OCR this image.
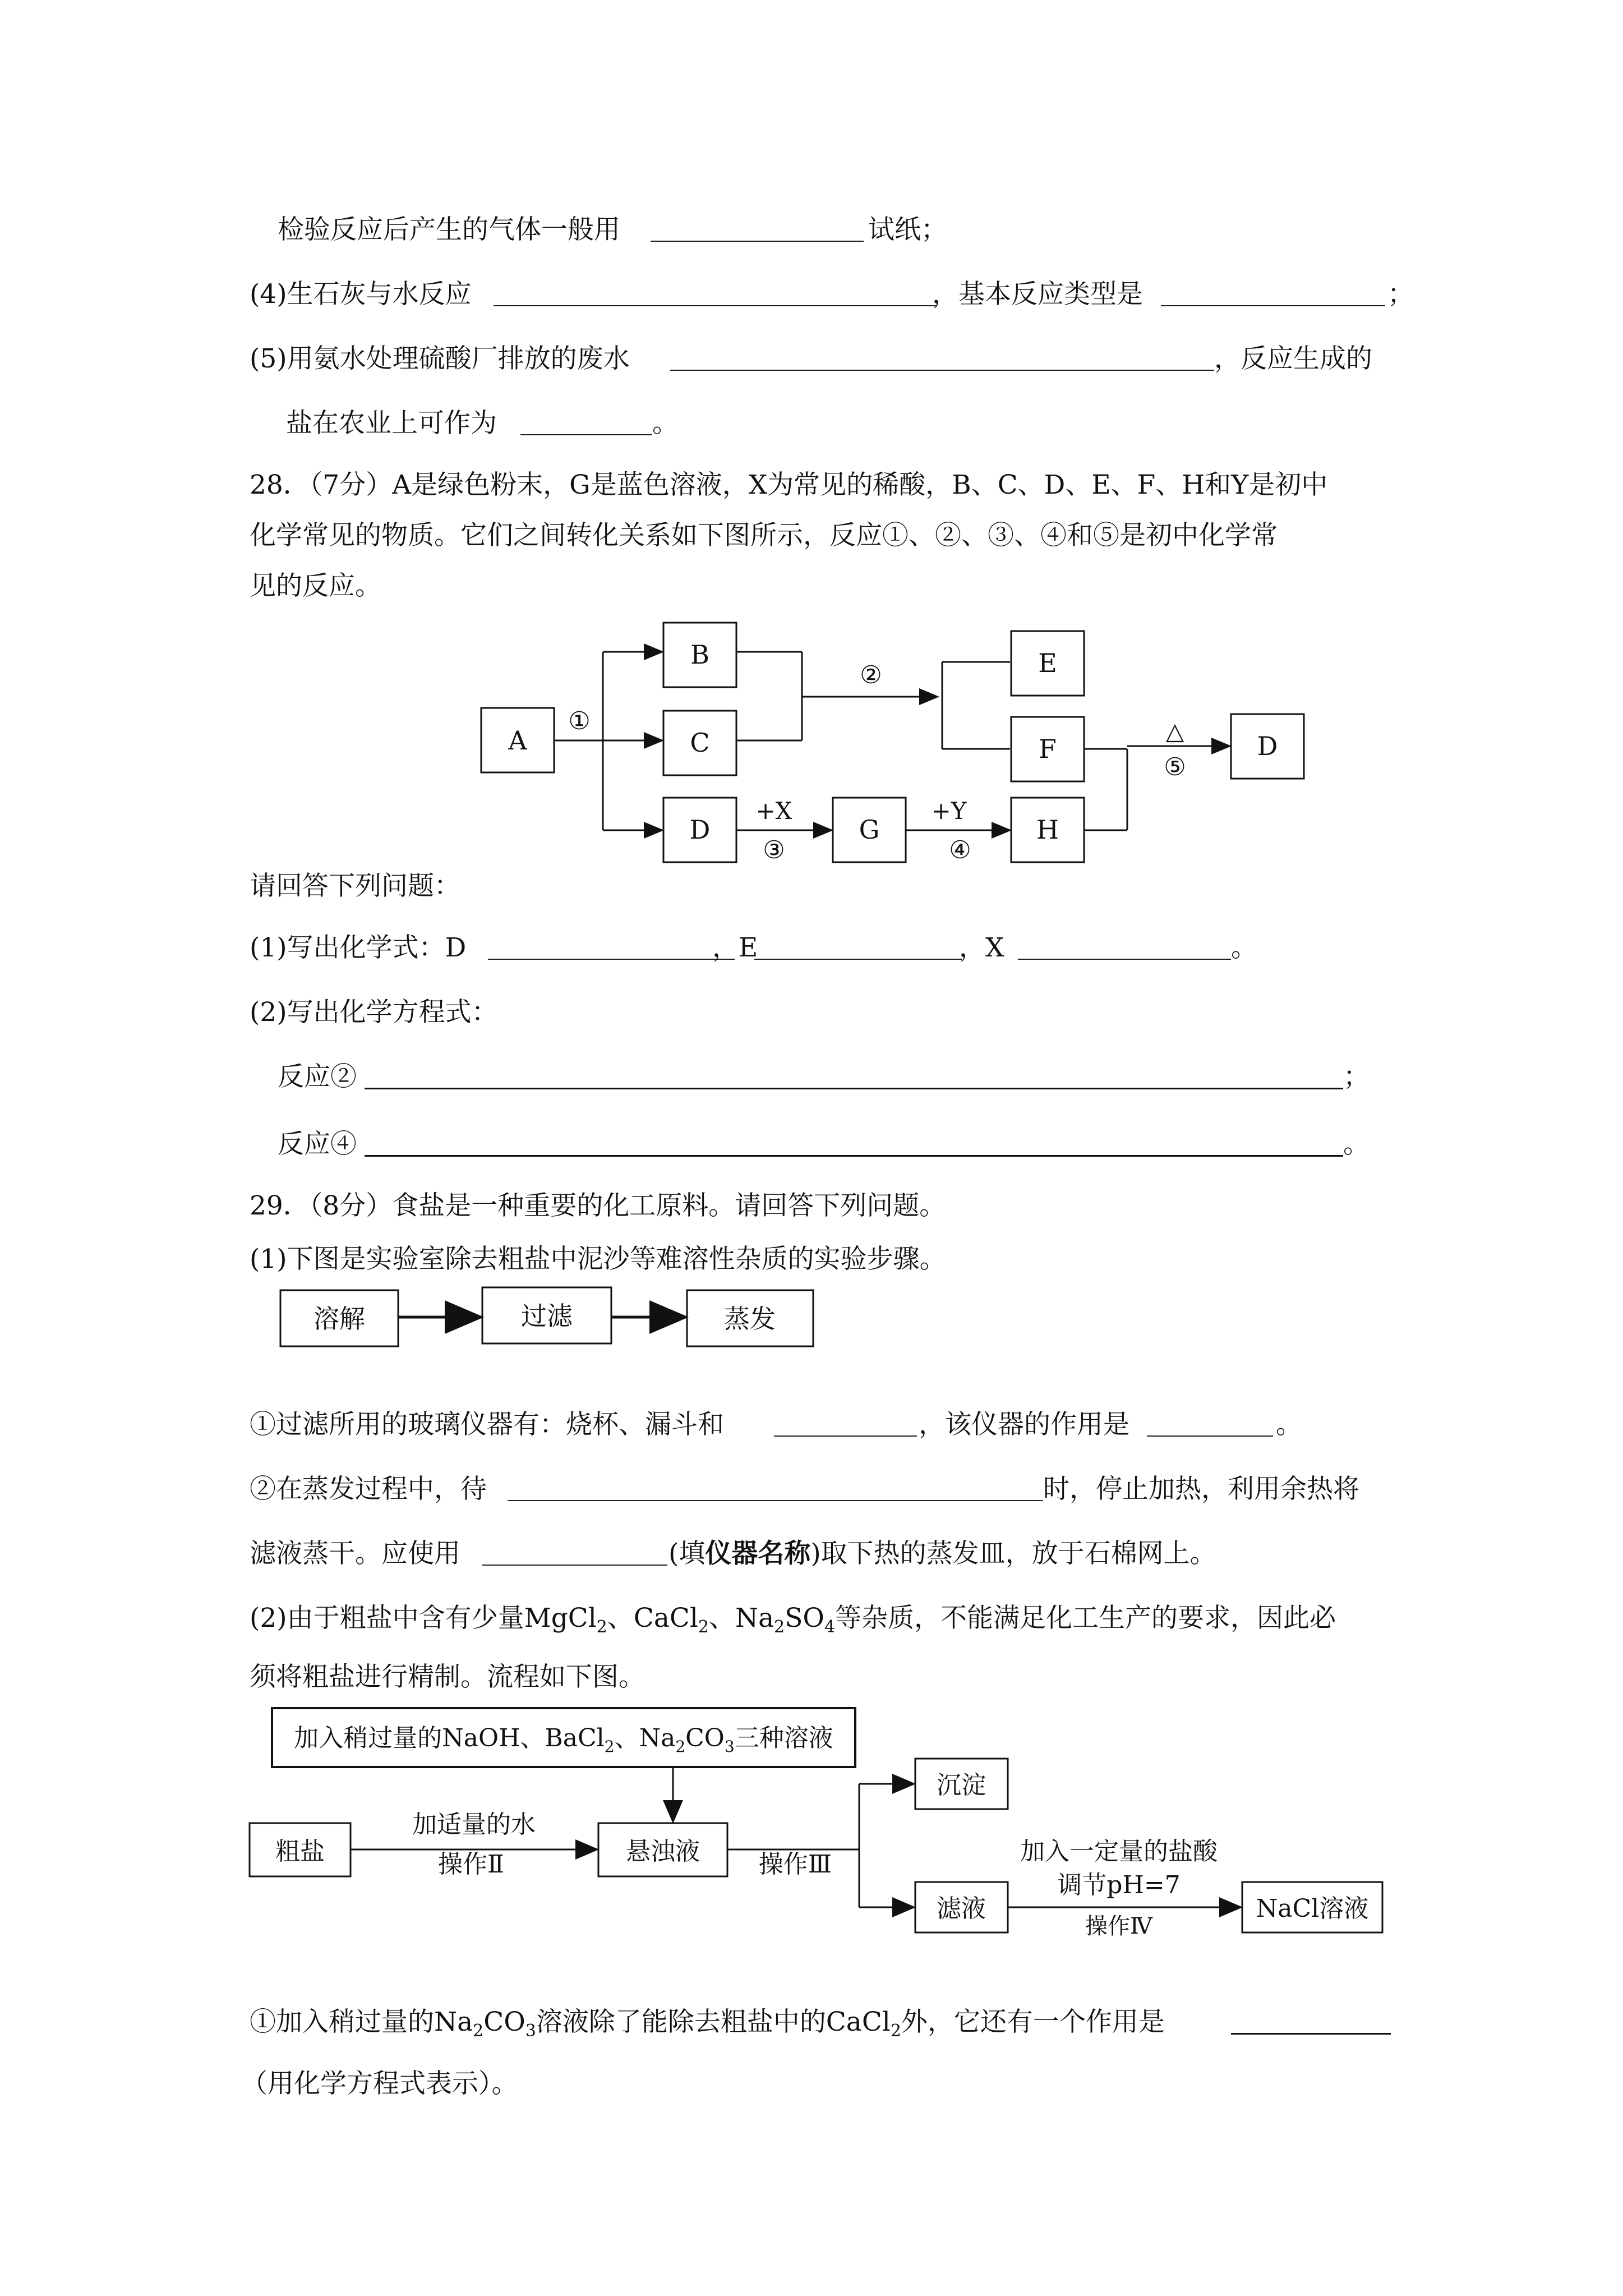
检验反应后产生的气体一般用	试纸；
(4)生石灰与水反应	，基本反应类型是	；
(5)用氨水处理硫酸厂排放的废水	，反应生成的
盐在农业上可作为	。
28．（7分）A是绿色粉末，G是蓝色溶液，X为常见的稀酸，B、C、D、E、F、H和Y是初中
化学常见的物质。它们之间转化关系如下图所示，反应①、②、③、④和⑤是初中化学常
见的反应。
A
B
C
D	G	H
E
F	D
①
②
+X
③
+Y
④
△
⑤
请回答下列问题：
(1)写出化学式：D	，E	，X	。
(2)写出化学方程式：
反应②	；
反应④	。
29．（8分）食盐是一种重要的化工原料。请回答下列问题。
(1)下图是实验室除去粗盐中泥沙等难溶性杂质的实验步骤。
溶解	过滤	蒸发
①过滤所用的玻璃仪器有：烧杯、漏斗和	，该仪器的作用是	。
②在蒸发过程中，待	时，停止加热，利用余热将
滤液蒸干。应使用	(填仪器名称)取下热的蒸发皿，放于石棉网上。
(2)由于粗盐中含有少量MgCl$_2$、CaCl$_2$、$Na_2SO_4$等杂质，不能满足化工生产的要求，因此必
须将粗盐进行精制。流程如下图。
加入稍过量的NaOH、BaCl$_2$、$Na_2CO_3$三种溶液
粗盐
加适量的水
操作Ⅱ	悬浊液 操作Ⅲ
沉淀
滤液
加入一定量的盐酸
调节pH=7
操作Ⅳ
NaCl溶液
①加入稍过量的$Na_2CO_3$溶液除了能除去粗盐中的CaCl$_2$外，它还有一个作用是
（用化学方程式表示）。
